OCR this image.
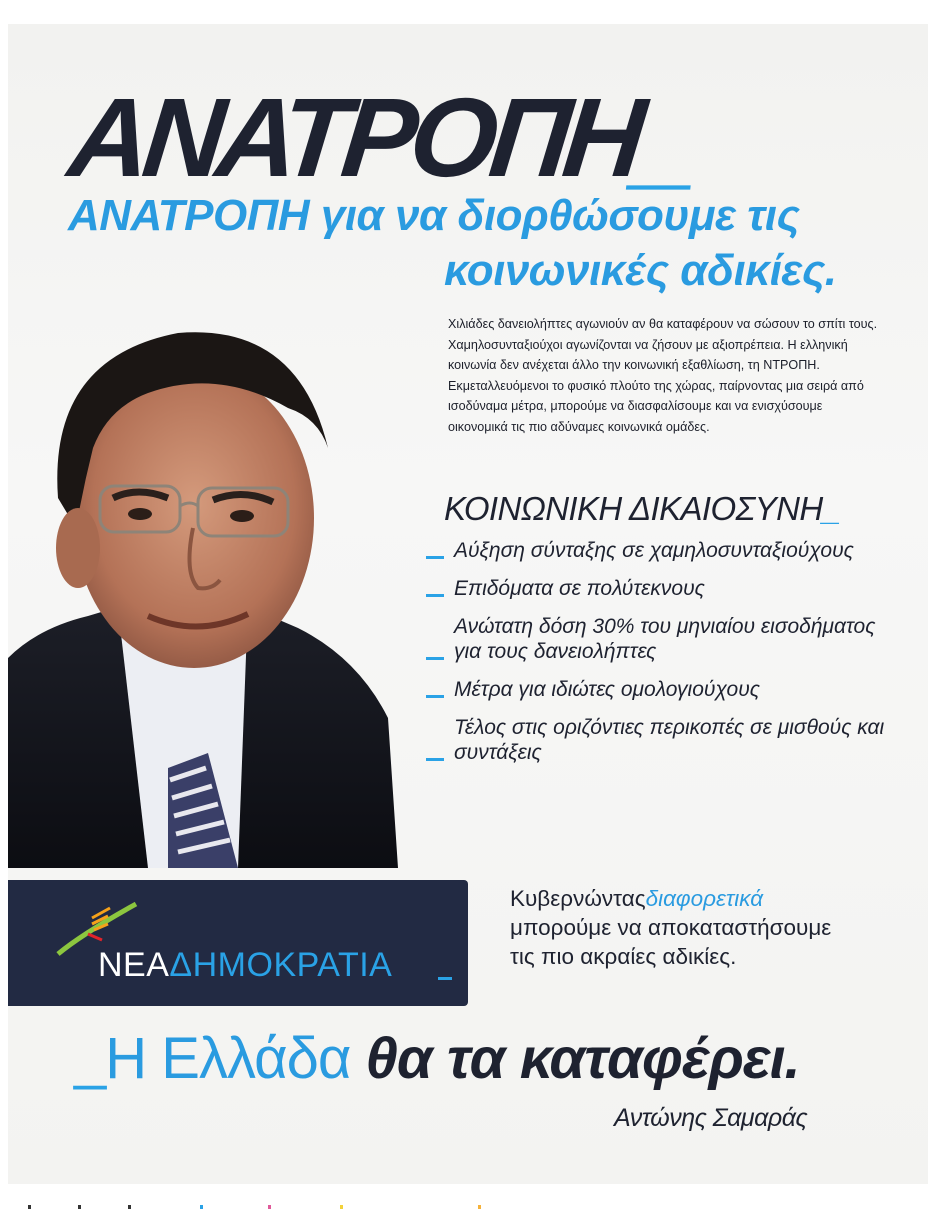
ΑΝΑΤΡΟΠΗ_
ΑΝΑΤΡΟΠΗ για να διορθώσουμε τις
κοινωνικές αδικίες.
Χιλιάδες δανειολήπτες αγωνιούν αν θα καταφέρουν να σώσουν το σπίτι τους. Χαμηλοσυνταξιούχοι αγωνίζονται να ζήσουν με αξιοπρέπεια. Η ελληνική κοινωνία δεν ανέχεται άλλο την κοινωνική εξαθλίωση, τη ΝΤΡΟΠΗ. Εκμεταλλευόμενοι το φυσικό πλούτο της χώρας, παίρνοντας μια σειρά από ισοδύναμα μέτρα, μπορούμε να διασφαλίσουμε και να ενισχύσουμε οικονομικά τις πιο αδύναμες κοινωνικά ομάδες.
ΚΟΙΝΩΝΙΚΗ ΔΙΚΑΙΟΣΥΝΗ_
Αύξηση σύνταξης σε χαμηλοσυνταξιούχους
Επιδόματα σε πολύτεκνους
Ανώτατη δόση 30% του μηνιαίου εισοδήματος για τους δανειολήπτες
Μέτρα για ιδιώτες ομολογιούχους
Τέλος στις οριζόντιες περικοπές σε μισθούς και συντάξεις
ΝΕΑΔΗΜΟΚΡΑΤΙΑ
Κυβερνώνταςδιαφορετικά
μπορούμε να αποκαταστήσουμε
τις πιο ακραίες αδικίες.
_Η Ελλάδα θα τα καταφέρει.
Αντώνης Σαμαράς
